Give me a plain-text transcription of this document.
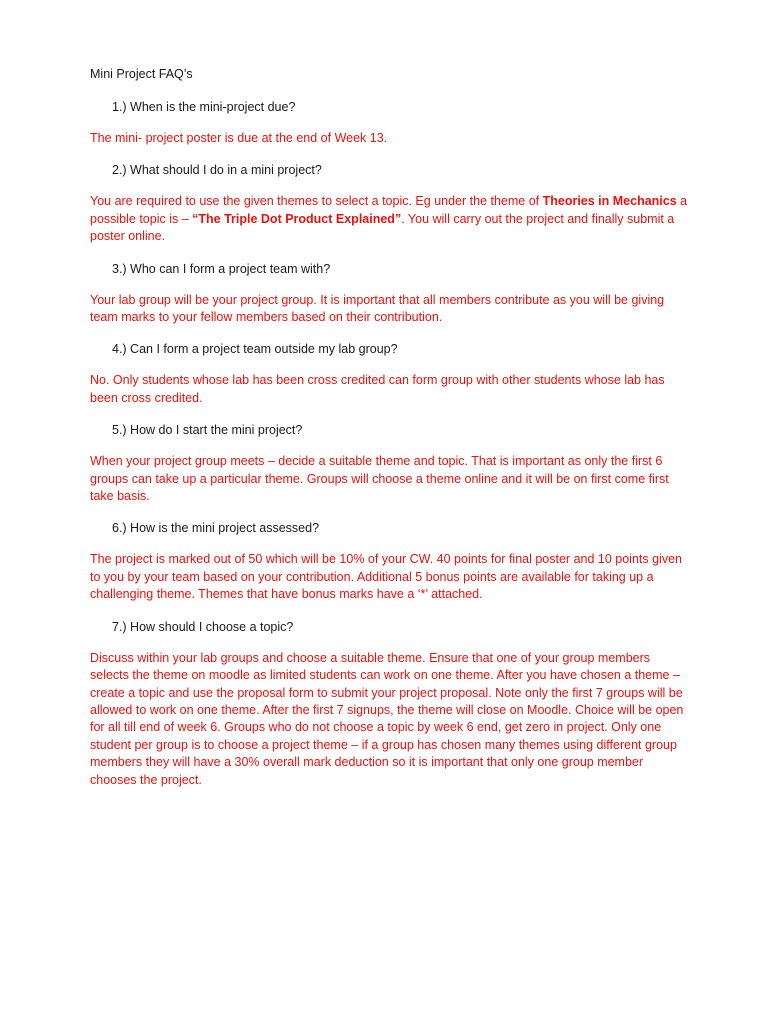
Mini Project FAQ’s
1.) When is the mini-project due?
The mini- project poster is due at the end of Week 13.
2.) What should I do in a mini project?
You are required to use the given themes to select a topic. Eg under the theme of Theories in Mechanics a possible topic is – “The Triple Dot Product Explained”. You will carry out the project and finally submit a poster online.
3.) Who can I form a project team with?
Your lab group will be your project group. It is important that all members contribute as you will be giving team marks to your fellow members based on their contribution.
4.) Can I form a project team outside my lab group?
No. Only students whose lab has been cross credited can form group with other students whose lab has been cross credited.
5.) How do I start the mini project?
When your project group meets – decide a suitable theme and topic. That is important as only the first 6 groups can take up a particular theme. Groups will choose a theme online and it will be on first come first take basis.
6.) How is the mini project assessed?
The project is marked out of 50 which will be 10% of your CW. 40 points for final poster and 10 points given to you by your team based on your contribution. Additional 5 bonus points are available for taking up a challenging theme. Themes that have bonus marks have a ‘*’ attached.
7.) How should I choose a topic?
Discuss within your lab groups and choose a suitable theme. Ensure that one of your group members selects the theme on moodle as limited students can work on one theme. After you have chosen a theme – create a topic and use the proposal form to submit your project proposal. Note only the first 7 groups will be allowed to work on one theme. After the first 7 signups, the theme will close on Moodle. Choice will be open for all till end of week 6. Groups who do not choose a topic by week 6 end, get zero in project. Only one student per group is to choose a project theme – if a group has chosen many themes using different group members they will have a 30% overall mark deduction so it is important that only one group member chooses the project.
